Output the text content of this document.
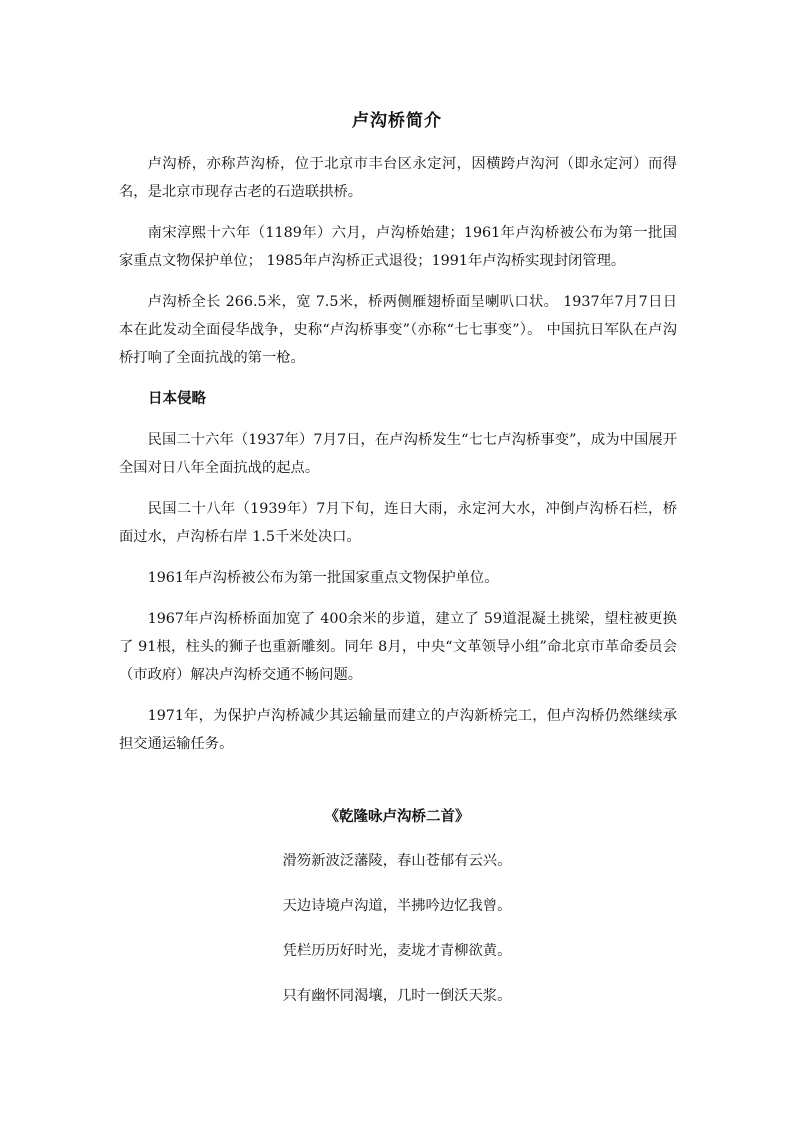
卢沟桥简介

卢沟桥，亦称芦沟桥，位于北京市丰台区永定河，因横跨卢沟河（即永定河）而得名，是北京市现存古老的石造联拱桥。

南宋淳熙十六年（1189年）六月，卢沟桥始建；1961年卢沟桥被公布为第一批国家重点文物保护单位； 1985年卢沟桥正式退役；1991年卢沟桥实现封闭管理。

卢沟桥全长 266.5米，宽 7.5米，桥两侧雁翅桥面呈喇叭口状。 1937年7月7日日本在此发动全面侵华战争，史称“卢沟桥事变”（亦称“七七事变”）。 中国抗日军队在卢沟桥打响了全面抗战的第一枪。

日本侵略

民国二十六年（1937年）7月7日，在卢沟桥发生“七七卢沟桥事变”，成为中国展开全国对日八年全面抗战的起点。

民国二十八年（1939年）7月下旬，连日大雨，永定河大水，冲倒卢沟桥石栏，桥面过水，卢沟桥右岸 1.5千米处决口。

1961年卢沟桥被公布为第一批国家重点文物保护单位。

1967年卢沟桥桥面加宽了 400余米的步道，建立了 59道混凝土挑梁，望柱被更换了 91根，柱头的狮子也重新雕刻。同年 8月，中央“文革领导小组”命北京市革命委员会（市政府）解决卢沟桥交通不畅问题。

1971年，为保护卢沟桥减少其运输量而建立的卢沟新桥完工，但卢沟桥仍然继续承担交通运输任务。

《乾隆咏卢沟桥二首》

滑笏新波泛藩陵，春山苍郁有云兴。

天边诗境卢沟道，半拂吟边忆我曾。

凭栏历历好时光，麦垅才青柳欲黄。

只有幽怀同渴壤，几时一倒沃天浆。
